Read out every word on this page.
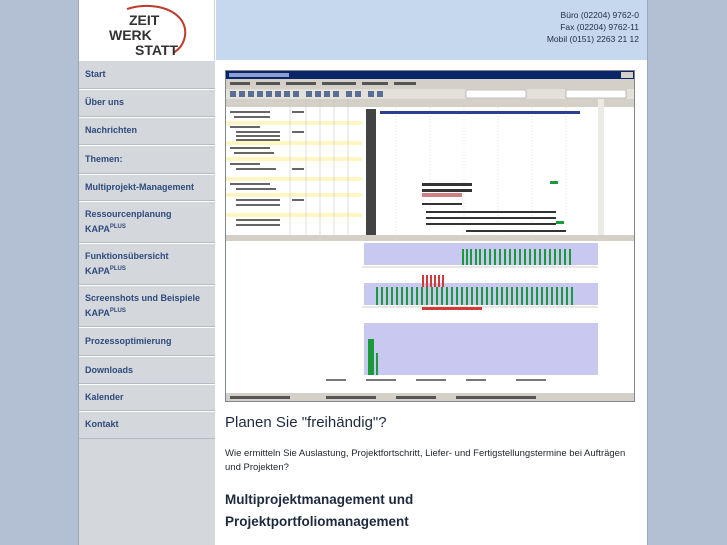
ZEIT
WERK
STATT
Büro (02204) 9762-0
Fax (02204) 9762-11
Mobil (0151) 2263 21 12
Start
Über uns
Nachrichten
Themen:
Multiprojekt-Management
Ressourcenplanung
$KAPA^{PLUS}$
Funktionsübersicht
$KAPA^{PLUS}$
Screenshots und Beispiele
$KAPA^{PLUS}$
Prozessoptimierung
Downloads
Kalender
Kontakt	Planen Sie "freihändig"?
Wie ermitteln Sie Auslastung, Projektfortschritt, Liefer- und Fertigstellungstermine bei Aufträgen und Projekten?
Multiprojektmanagement und
Projektportfoliomanagement
